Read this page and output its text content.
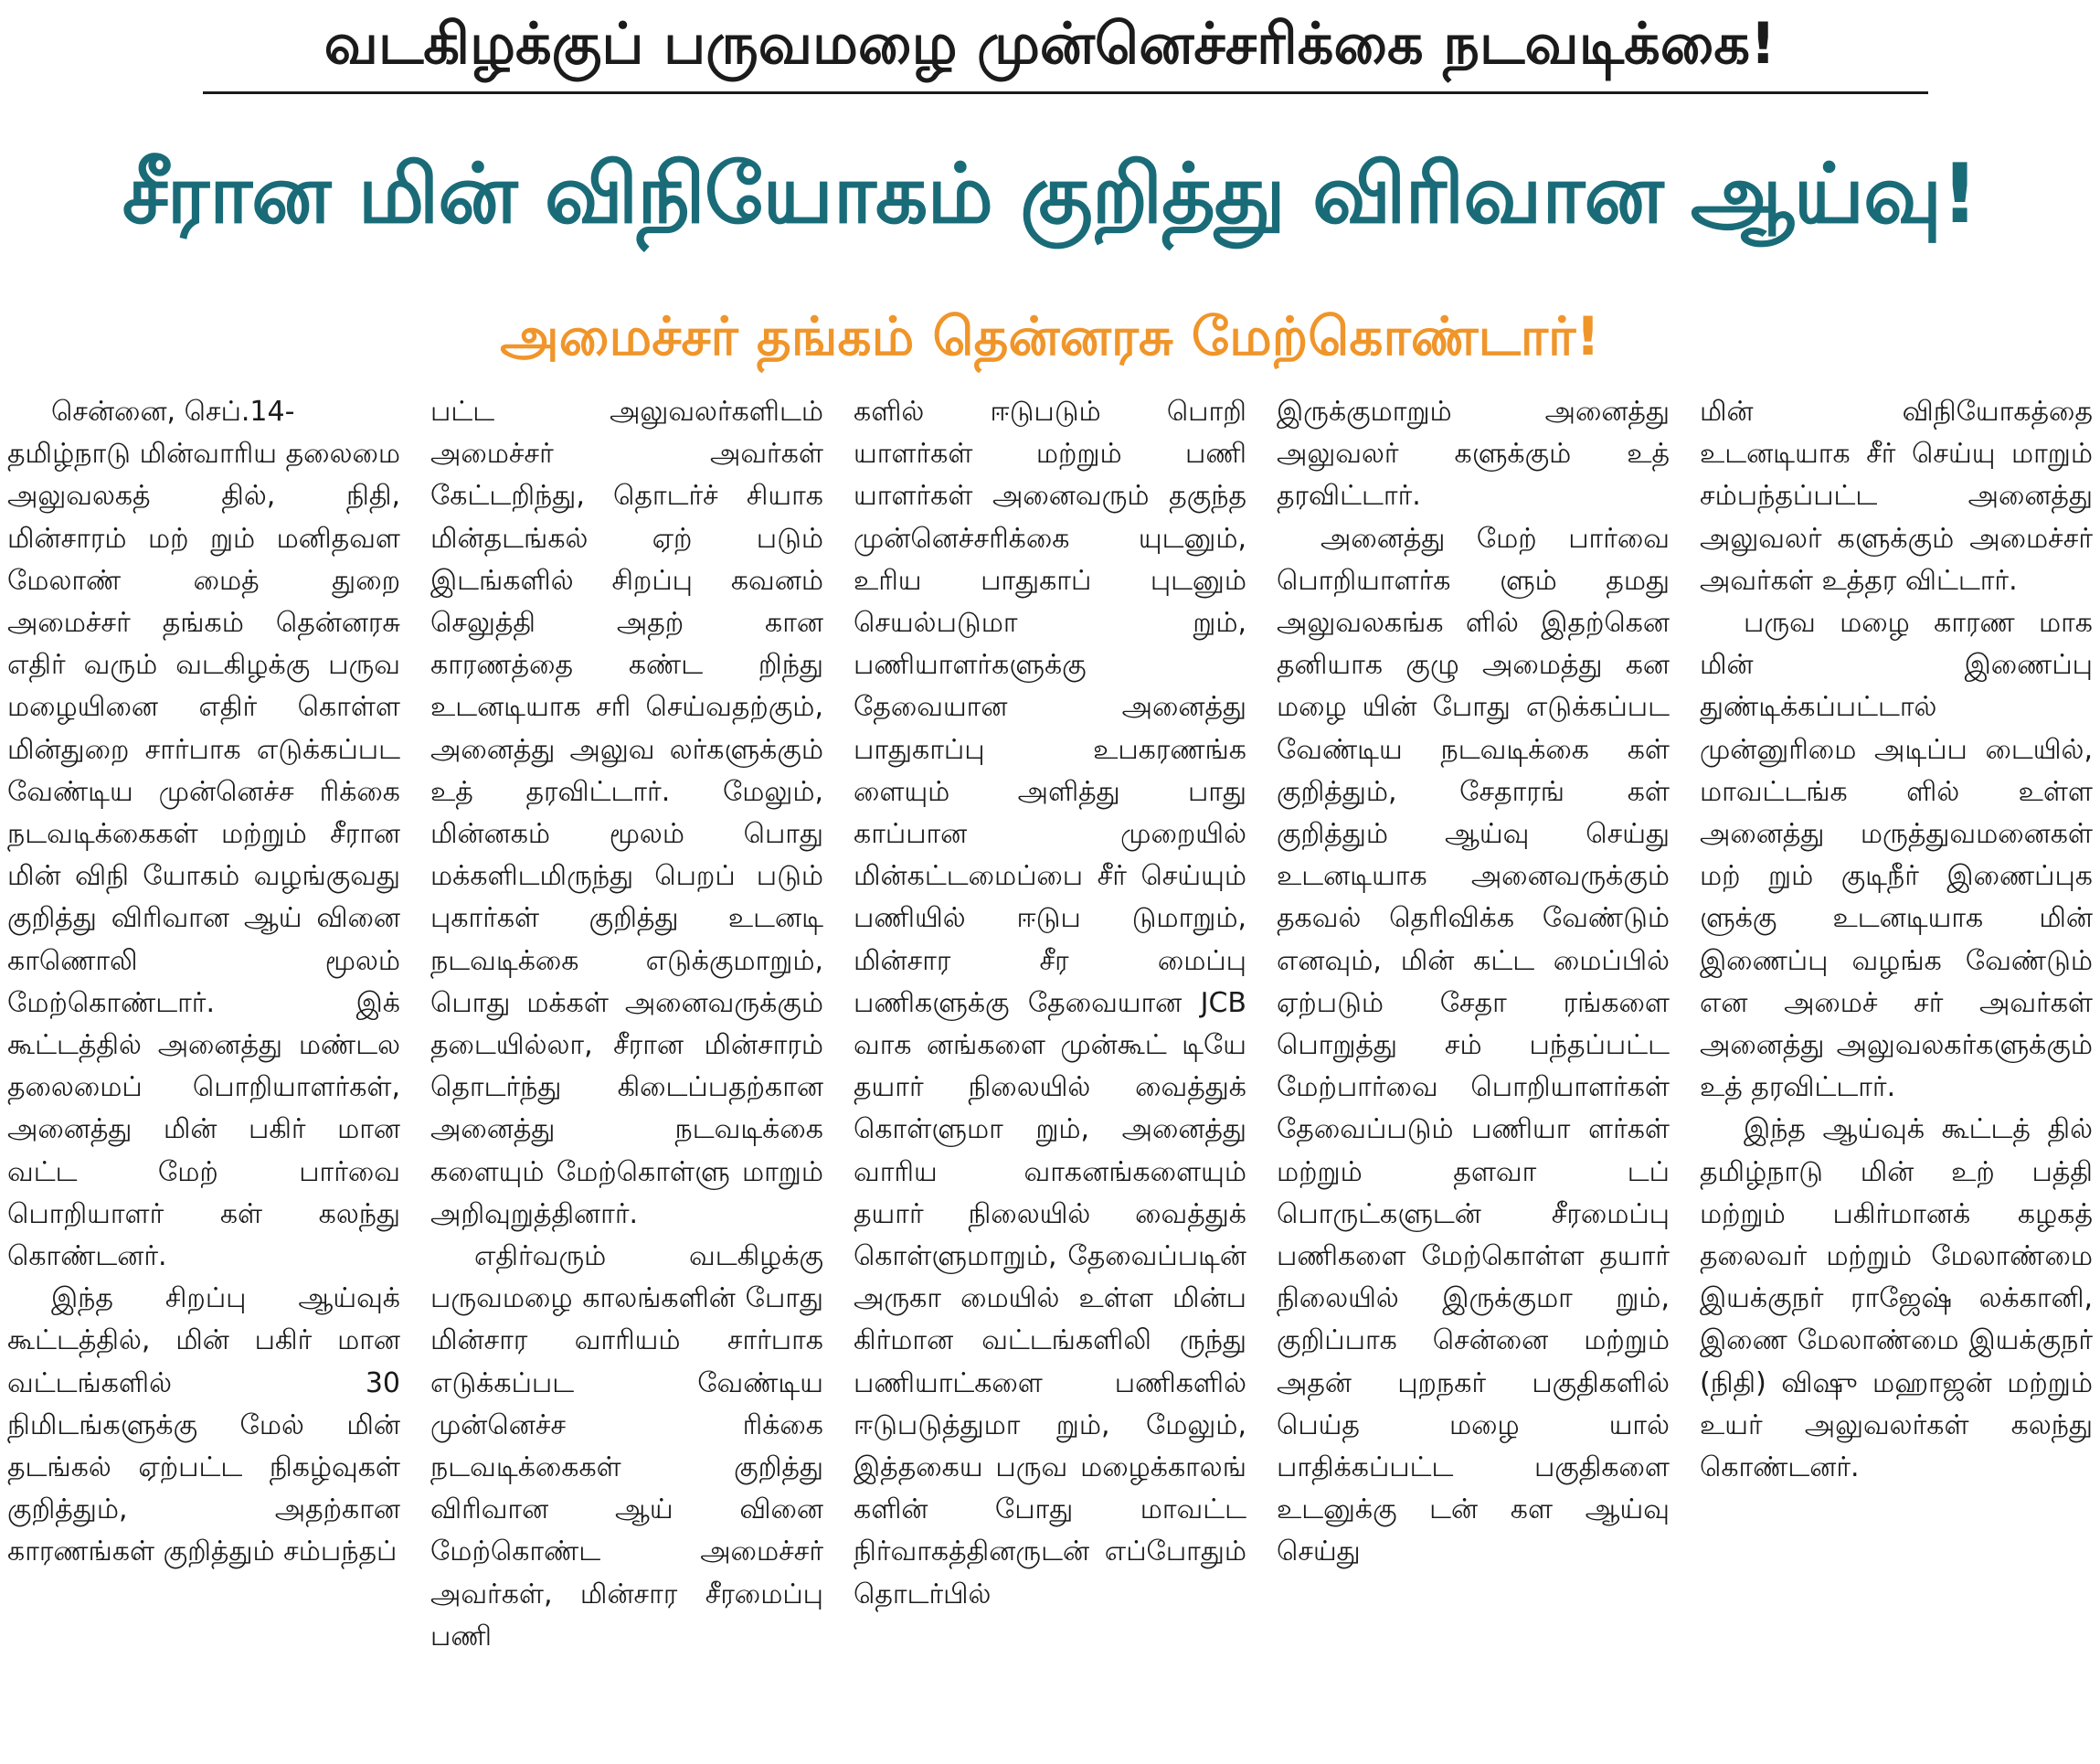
வடகிழக்குப் பருவமழை முன்னெச்சரிக்கை நடவடிக்கை!
சீரான மின் விநியோகம் குறித்து விரிவான ஆய்வு!
அமைச்சர் தங்கம் தென்னரசு மேற்கொண்டார்!

சென்னை, செப்.14-

தமிழ்நாடு மின்வாரிய தலைமை அலுவலகத் தில், நிதி, மின்சாரம் மற் றும் மனிதவள மேலாண் மைத் துறை அமைச்சர் தங்கம் தென்னரசு எதிர் வரும் வடகிழக்கு பருவ மழையினை எதிர் கொள்ள மின்துறை சார்பாக எடுக்கப்பட வேண்டிய முன்னெச்ச ரிக்கை நடவடிக்கைகள் மற்றும் சீரான மின் விநி யோகம் வழங்குவது குறித்து விரிவான ஆய் வினை காணொலி மூலம் மேற்கொண்டார். இக் கூட்டத்தில் அனைத்து மண்டல தலைமைப் பொறியாளர்கள், அனைத்து மின் பகிர் மான வட்ட மேற் பார்வை பொறியாளர் கள் கலந்து கொண்டனர்.

இந்த சிறப்பு ஆய்வுக் கூட்டத்தில், மின் பகிர் மான வட்டங்களில் 30 நிமிடங்களுக்கு மேல் மின் தடங்கல் ஏற்பட்ட நிகழ்வுகள் குறித்தும், அதற்கான காரணங்கள் குறித்தும் சம்பந்தப்

பட்ட அலுவலர்களிடம் அமைச்சர் அவர்கள் கேட்டறிந்து, தொடர்ச் சியாக மின்தடங்கல் ஏற் படும் இடங்களில் சிறப்பு கவனம் செலுத்தி அதற் கான காரணத்தை கண்ட றிந்து உடனடியாக சரி செய்வதற்கும், அனைத்து அலுவ லர்களுக்கும் உத் தரவிட்டார். மேலும், மின்னகம் மூலம் பொது மக்களிடமிருந்து பெறப் படும் புகார்கள் குறித்து உடனடி நடவடிக்கை எடுக்குமாறும், பொது மக்கள் அனைவருக்கும் தடையில்லா, சீரான மின்சாரம் தொடர்ந்து கிடைப்பதற்கான அனைத்து நடவடிக்கை களையும் மேற்கொள்ளு மாறும் அறிவுறுத்தினார்.

எதிர்வரும் வடகிழக்கு பருவமழை காலங்களின் போது மின்சார வாரியம் சார்பாக எடுக்கப்பட வேண்டிய முன்னெச்ச ரிக்கை நடவடிக்கைகள் குறித்து விரிவான ஆய் வினை மேற்கொண்ட அமைச்சர் அவர்கள், மின்சார சீரமைப்பு பணி

களில் ஈடுபடும் பொறி யாளர்கள் மற்றும் பணி யாளர்கள் அனைவரும் தகுந்த முன்னெச்சரிக்கை யுடனும், உரிய பாதுகாப் புடனும் செயல்படுமா றும், பணியாளர்களுக்கு தேவையான அனைத்து பாதுகாப்பு உபகரணங்க ளையும் அளித்து பாது காப்பான முறையில் மின்கட்டமைப்பை சீர் செய்யும் பணியில் ஈடுப டுமாறும், மின்சார சீர மைப்பு பணிகளுக்கு தேவையான JCB வாக னங்களை முன்கூட் டியே தயார் நிலையில் வைத்துக் கொள்ளுமா றும், அனைத்து வாரிய வாகனங்களையும் தயார் நிலையில் வைத்துக் கொள்ளுமாறும், தேவைப்படின் அருகா மையில் உள்ள மின்ப கிர்மான வட்டங்களிலி ருந்து பணியாட்களை பணிகளில் ஈடுபடுத்துமா றும், மேலும், இத்தகைய பருவ மழைக்காலங் களின் போது மாவட்ட நிர்வாகத்தினருடன் எப்போதும் தொடர்பில்

இருக்குமாறும் அனைத்து அலுவலர் களுக்கும் உத் தரவிட்டார்.

அனைத்து மேற் பார்வை பொறியாளர்க ளும் தமது அலுவலகங்க ளில் இதற்கென தனியாக குழு அமைத்து கன மழை யின் போது எடுக்கப்பட வேண்டிய நடவடிக்கை கள் குறித்தும், சேதாரங் கள் குறித்தும் ஆய்வு செய்து உடனடியாக அனைவருக்கும் தகவல் தெரிவிக்க வேண்டும் எனவும், மின் கட்ட மைப்பில் ஏற்படும் சேதா ரங்களை பொறுத்து சம் பந்தப்பட்ட மேற்பார்வை பொறியாளர்கள் தேவைப்படும் பணியா ளர்கள் மற்றும் தளவா டப் பொருட்களுடன் சீரமைப்பு பணிகளை மேற்கொள்ள தயார் நிலையில் இருக்குமா றும், குறிப்பாக சென்னை மற்றும் அதன் புறநகர் பகுதிகளில் பெய்த மழை யால் பாதிக்கப்பட்ட பகுதிகளை உடனுக்கு டன் கள ஆய்வு செய்து

மின் விநியோகத்தை உடனடியாக சீர் செய்யு மாறும் சம்பந்தப்பட்ட அனைத்து அலுவலர் களுக்கும் அமைச்சர் அவர்கள் உத்தர விட்டார்.

பருவ மழை காரண மாக மின் இணைப்பு துண்டிக்கப்பட்டால் முன்னுரிமை அடிப்ப டையில், மாவட்டங்க ளில் உள்ள அனைத்து மருத்துவமனைகள் மற் றும் குடிநீர் இணைப்புக ளுக்கு உடனடியாக மின் இணைப்பு வழங்க வேண்டும் என அமைச் சர் அவர்கள் அனைத்து அலுவலகர்களுக்கும் உத் தரவிட்டார்.

இந்த ஆய்வுக் கூட்டத் தில் தமிழ்நாடு மின் உற் பத்தி மற்றும் பகிர்மானக் கழகத் தலைவர் மற்றும் மேலாண்மை இயக்குநர் ராஜேஷ் லக்கானி, இணை மேலாண்மை இயக்குநர் (நிதி) விஷு மஹாஜன் மற்றும் உயர் அலுவலர்கள் கலந்து கொண்டனர்.
